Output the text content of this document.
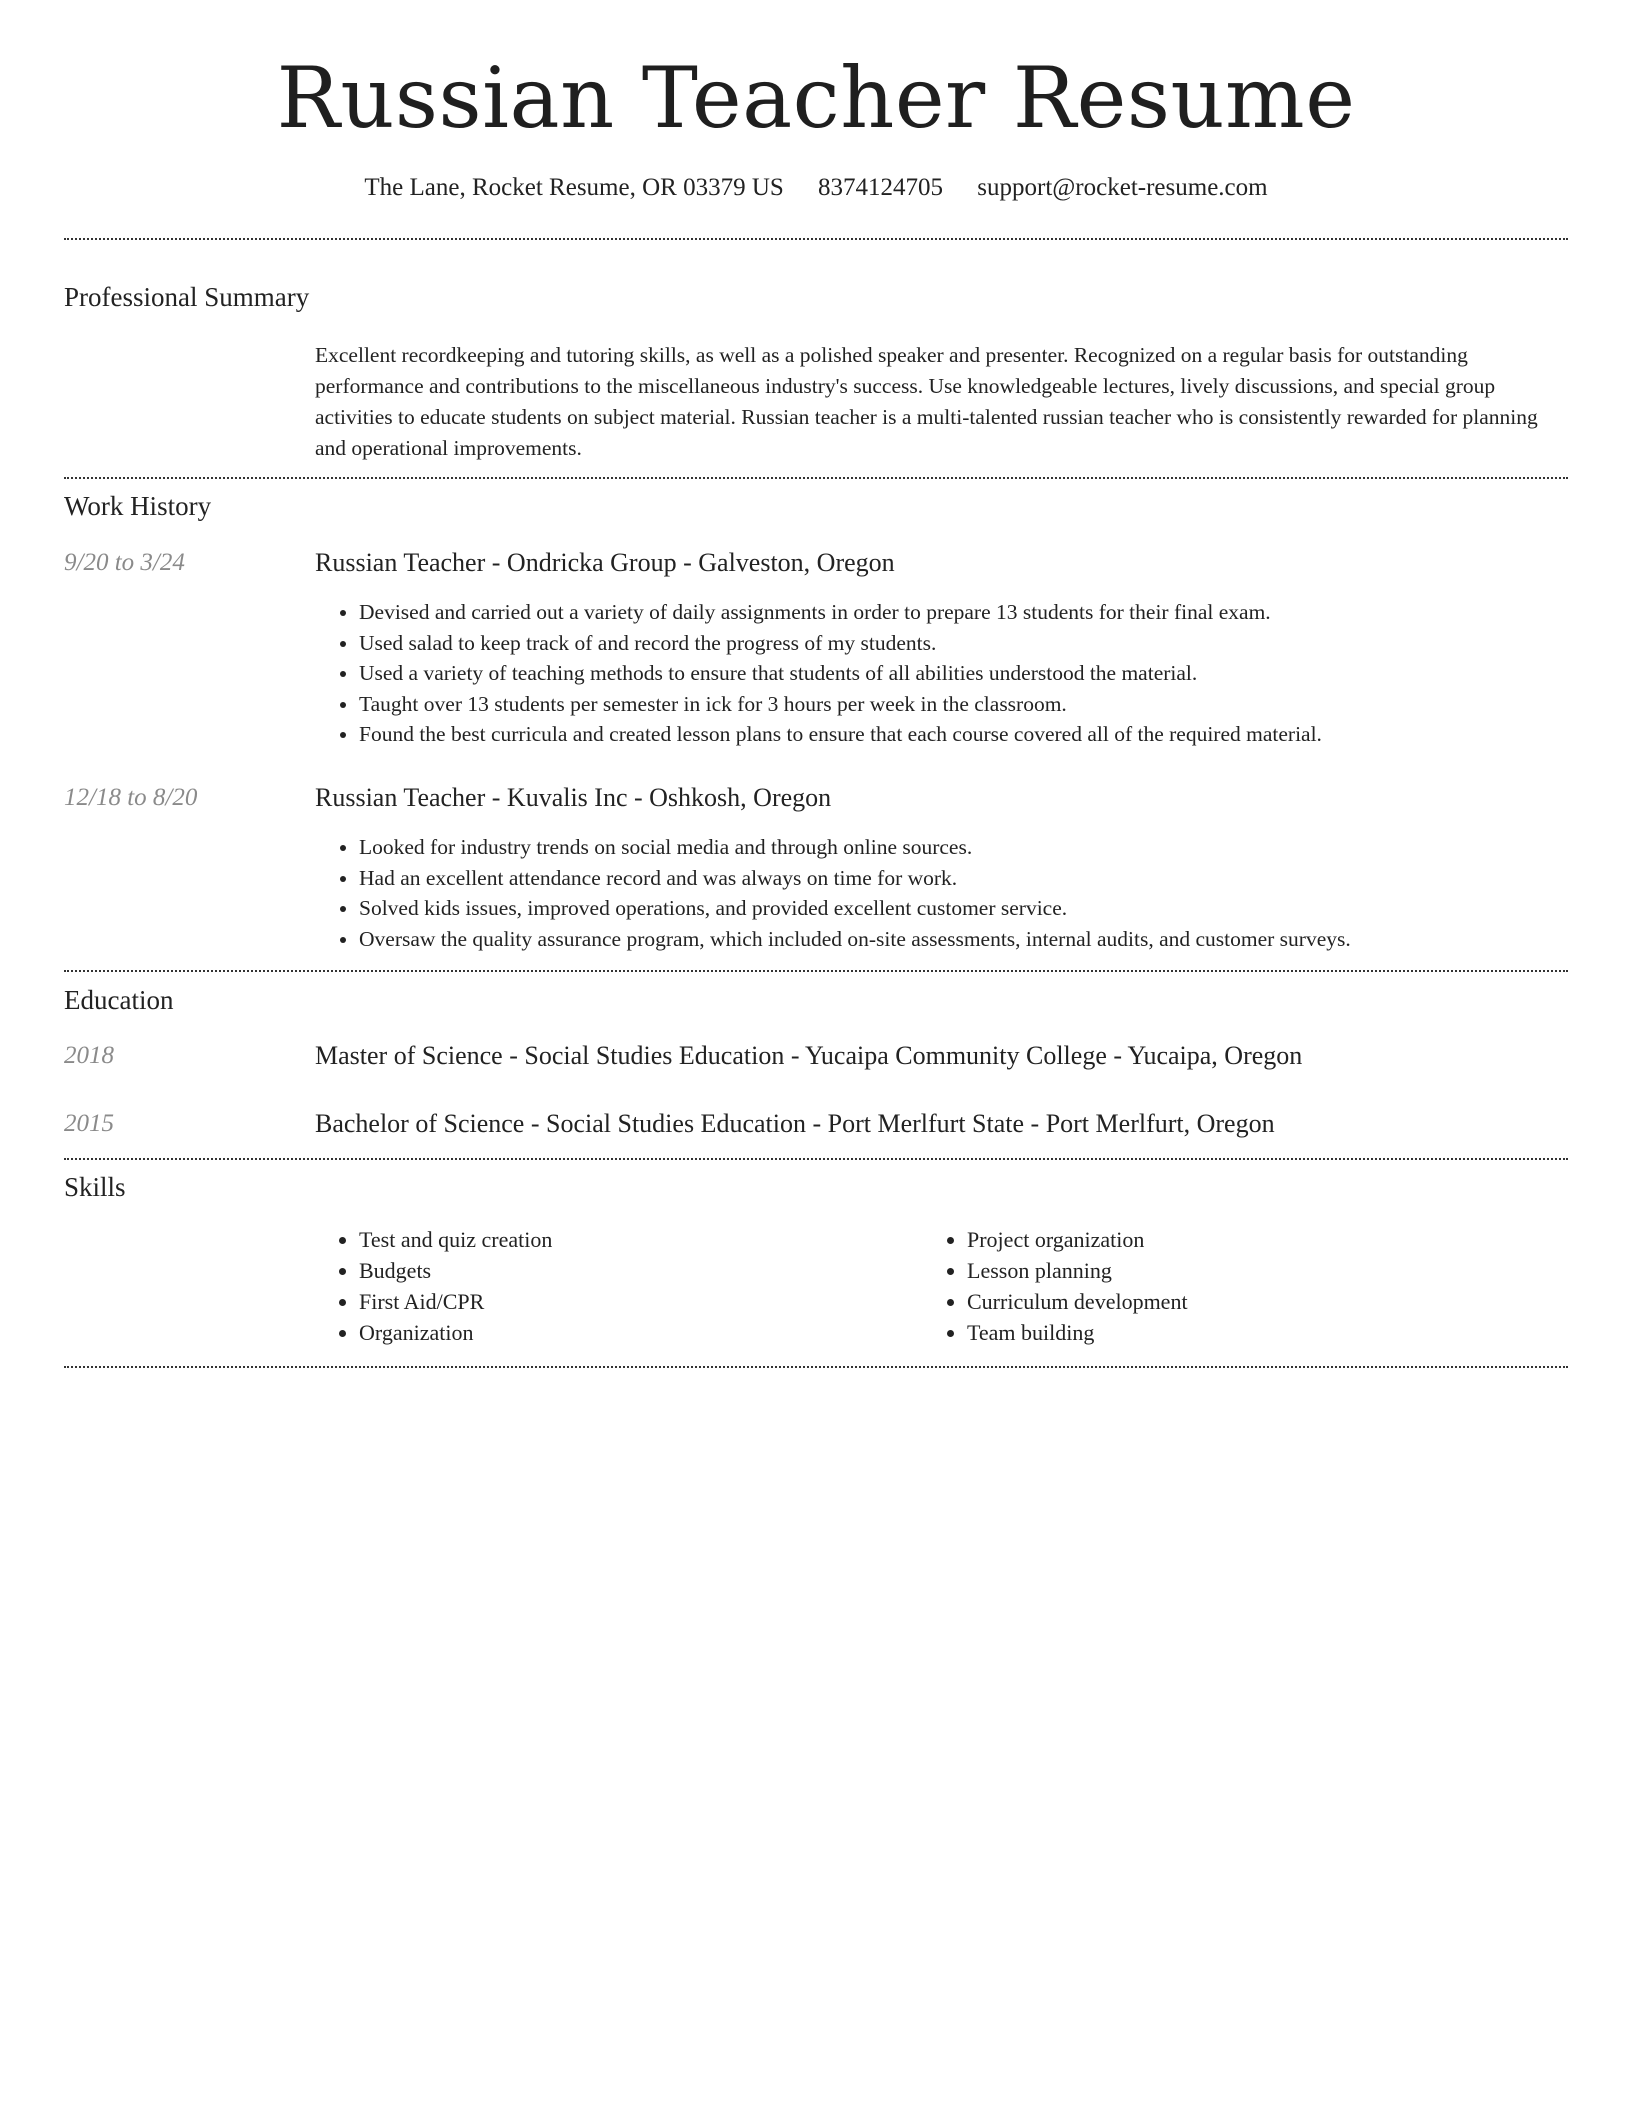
Russian Teacher Resume
The Lane, Rocket Resume, OR 03379 US 8374124705 support@rocket-resume.com
Professional Summary
Excellent recordkeeping and tutoring skills, as well as a polished speaker and presenter. Recognized on a regular basis for outstanding performance and contributions to the miscellaneous industry's success. Use knowledgeable lectures, lively discussions, and special group activities to educate students on subject material. Russian teacher is a multi-talented russian teacher who is consistently rewarded for planning and operational improvements.
Work History
9/20 to 3/24	Russian Teacher - Ondricka Group - Galveston, Oregon
• Devised and carried out a variety of daily assignments in order to prepare 13 students for their final exam.
• Used salad to keep track of and record the progress of my students.
• Used a variety of teaching methods to ensure that students of all abilities understood the material.
• Taught over 13 students per semester in ick for 3 hours per week in the classroom.
• Found the best curricula and created lesson plans to ensure that each course covered all of the required material.
12/18 to 8/20	Russian Teacher - Kuvalis Inc - Oshkosh, Oregon
• Looked for industry trends on social media and through online sources.
• Had an excellent attendance record and was always on time for work.
• Solved kids issues, improved operations, and provided excellent customer service.
• Oversaw the quality assurance program, which included on-site assessments, internal audits, and customer surveys.
Education
2018	Master of Science - Social Studies Education - Yucaipa Community College - Yucaipa, Oregon
2015	Bachelor of Science - Social Studies Education - Port Merlfurt State - Port Merlfurt, Oregon
Skills
• Test and quiz creation
• Budgets
• First Aid/CPR
• Organization
• Project organization
• Lesson planning
• Curriculum development
• Team building
